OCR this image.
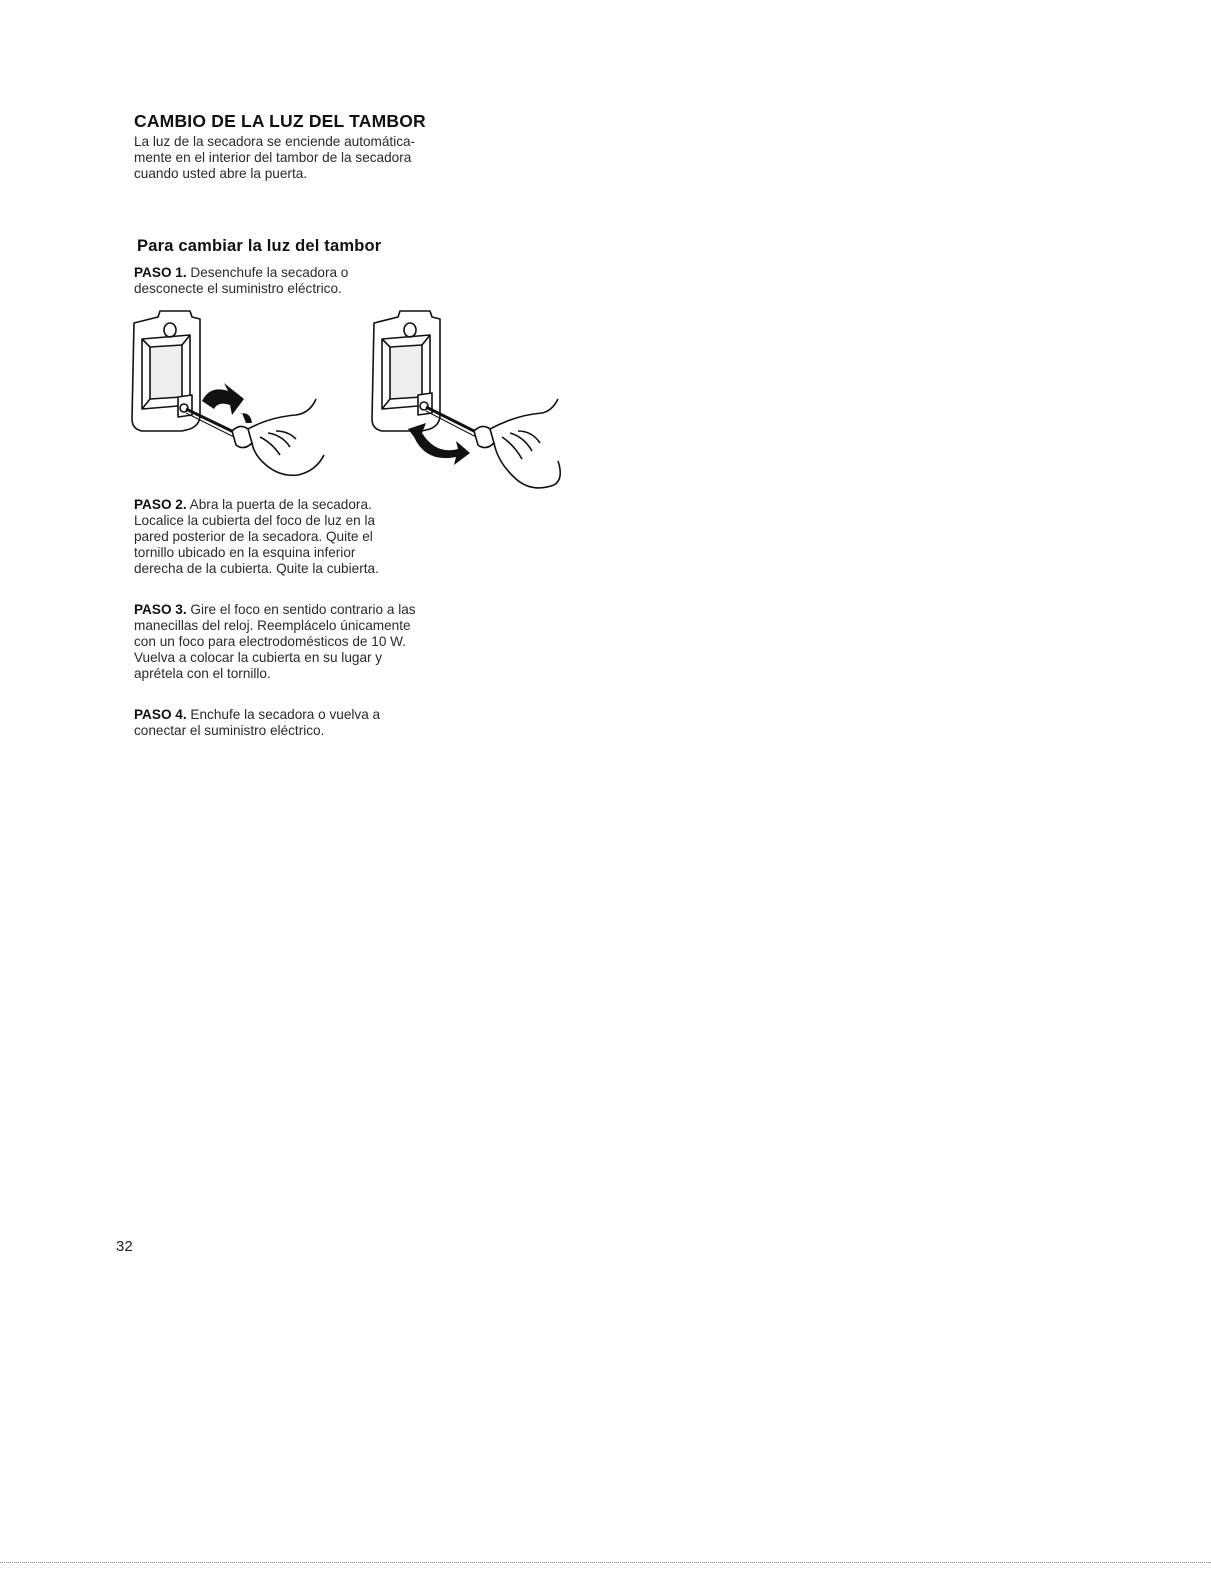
CAMBIO DE LA LUZ DEL TAMBOR
La luz de la secadora se enciende automática-
mente en el interior del tambor de la secadora
cuando usted abre la puerta.
Para cambiar la luz del tambor
PASO 1. Desenchufe la secadora o
desconecte el suministro eléctrico.
PASO 2. Abra la puerta de la secadora.
Localice la cubierta del foco de luz en la
pared posterior de la secadora. Quite el
tornillo ubicado en la esquina inferior
derecha de la cubierta. Quite la cubierta.
PASO 3. Gire el foco en sentido contrario a las
manecillas del reloj. Reemplácelo únicamente
con un foco para electrodomésticos de 10 W.
Vuelva a colocar la cubierta en su lugar y
aprétela con el tornillo.
PASO 4. Enchufe la secadora o vuelva a
conectar el suministro eléctrico.
32
